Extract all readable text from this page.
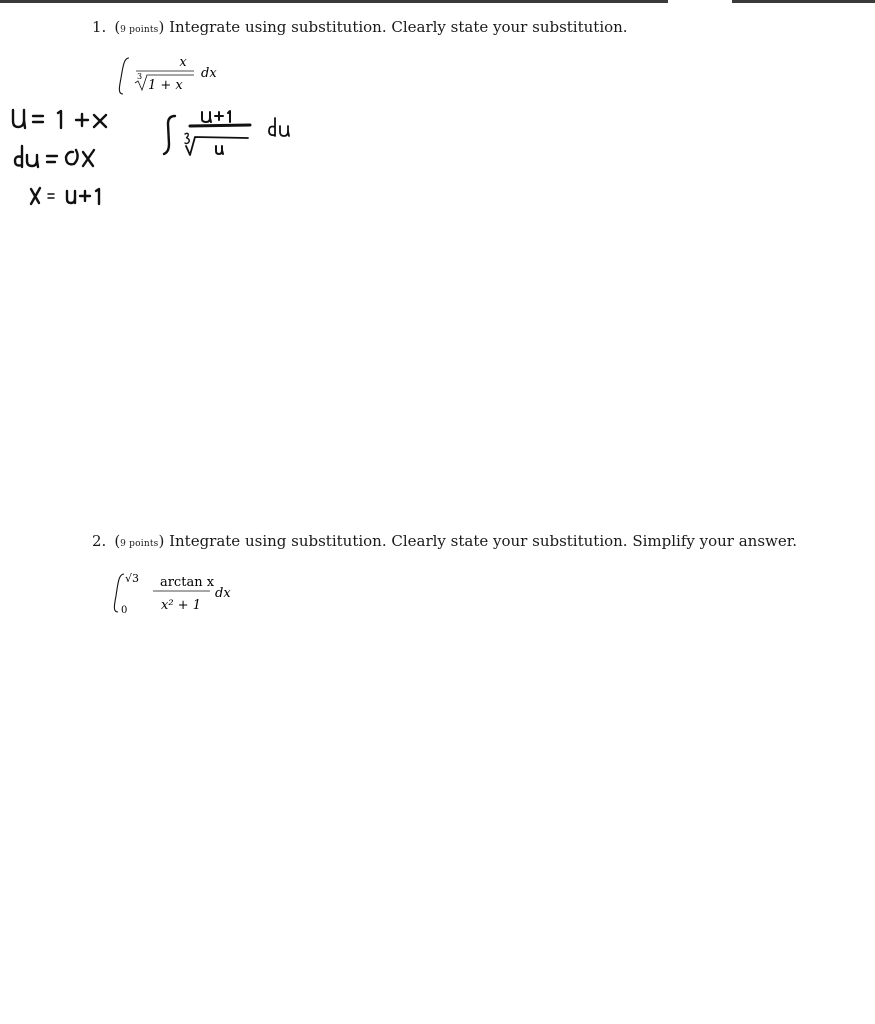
1. (9 points) Integrate using substitution. Clearly state your substitution.
x
3
1 + x
dx
2. (9 points) Integrate using substitution. Clearly state your substitution. Simplify your answer.
√3
0
arctan x
x² + 1
dx
